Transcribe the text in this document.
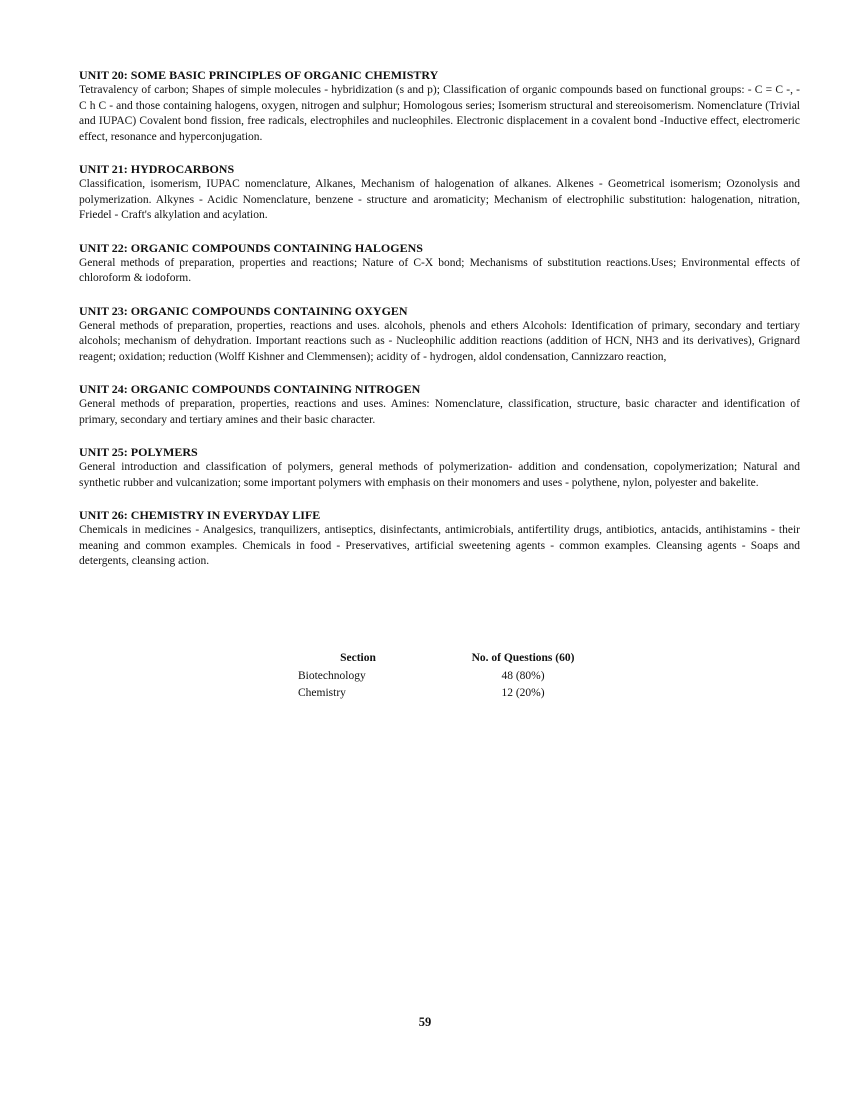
UNIT 20: SOME BASIC PRINCIPLES OF ORGANIC CHEMISTRY

Tetravalency of carbon; Shapes of simple molecules - hybridization (s and p); Classification of organic compounds based on functional groups: - C = C -, - C h C - and those containing halogens, oxygen, nitrogen and sulphur; Homologous series; Isomerism structural and stereoisomerism. Nomenclature (Trivial and IUPAC) Covalent bond fission, free radicals, electrophiles and nucleophiles. Electronic displacement in a covalent bond -Inductive effect, electromeric effect, resonance and hyperconjugation.

UNIT 21: HYDROCARBONS

Classification, isomerism, IUPAC nomenclature, Alkanes, Mechanism of halogenation of alkanes. Alkenes - Geometrical isomerism; Ozonolysis and polymerization. Alkynes - Acidic Nomenclature, benzene - structure and aromaticity; Mechanism of electrophilic substitution: halogenation, nitration, Friedel - Craft's alkylation and acylation.

UNIT 22: ORGANIC COMPOUNDS CONTAINING HALOGENS

General methods of preparation, properties and reactions; Nature of C-X bond; Mechanisms of substitution reactions.Uses; Environmental effects of chloroform & iodoform.

UNIT 23: ORGANIC COMPOUNDS CONTAINING OXYGEN

General methods of preparation, properties, reactions and uses. alcohols, phenols and ethers Alcohols: Identification of primary, secondary and tertiary alcohols; mechanism of dehydration. Important reactions such as - Nucleophilic addition reactions (addition of HCN, NH3 and its derivatives), Grignard reagent; oxidation; reduction (Wolff Kishner and Clemmensen); acidity of - hydrogen, aldol condensation, Cannizzaro reaction,

UNIT 24: ORGANIC COMPOUNDS CONTAINING NITROGEN

General methods of preparation, properties, reactions and uses. Amines: Nomenclature, classification, structure, basic character and identification of primary, secondary and tertiary amines and their basic character.

UNIT 25: POLYMERS

General introduction and classification of polymers, general methods of polymerization- addition and condensation, copolymerization; Natural and synthetic rubber and vulcanization; some important polymers with emphasis on their monomers and uses - polythene, nylon, polyester and bakelite.

UNIT 26: CHEMISTRY IN EVERYDAY LIFE

Chemicals in medicines - Analgesics, tranquilizers, antiseptics, disinfectants, antimicrobials, antifertility drugs, antibiotics, antacids, antihistamins - their meaning and common examples. Chemicals in food - Preservatives, artificial sweetening agents - common examples. Cleansing agents - Soaps and detergents, cleansing action.

Section	No. of Questions (60)
Biotechnology	48 (80%)
Chemistry	12 (20%)
59
